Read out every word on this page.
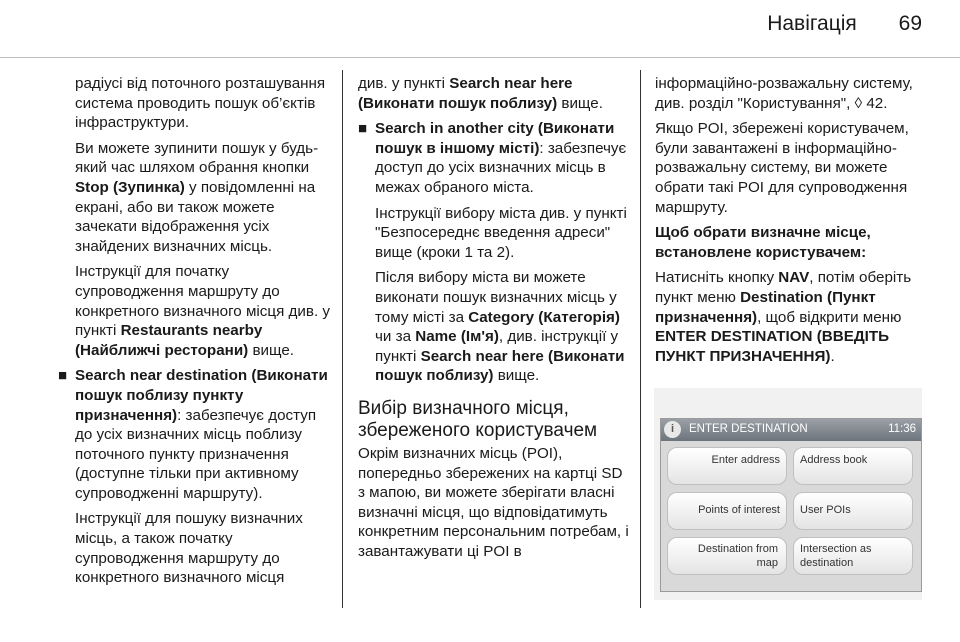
Навігація 69

радіусі від поточного розташування система проводить пошук об’єктів інфраструктури.

Ви можете зупинити пошук у будь-який час шляхом обрання кнопки Stop (Зупинка) у повідомленні на екрані, або ви також можете зачекати відображення усіх знайдених визначних місць.

Інструкції для початку супроводження маршруту до конкретного визначного місця див. у пункті Restaurants nearby (Найближчі ресторани) вище.

■ Search near destination (Виконати пошук поблизу пункту призначення): забезпечує доступ до усіх визначних місць поблизу поточного пункту призначення (доступне тільки при активному супроводженні маршруту).

Інструкції для пошуку визначних місць, а також початку супроводження маршруту до конкретного визначного місця

див. у пункті Search near here (Виконати пошук поблизу) вище.

■ Search in another city (Виконати пошук в іншому місті): забезпечує доступ до усіх визначних місць в межах обраного міста.

Інструкції вибору міста див. у пункті "Безпосереднє введення адреси" вище (кроки 1 та 2).

Після вибору міста ви можете виконати пошук визначних місць у тому місті за Category (Категорія) чи за Name (Ім'я), див. інструкції у пункті Search near here (Виконати пошук поблизу) вище.

Вибір визначного місця, збереженого користувачем

Окрім визначних місць (POI), попередньо збережених на картці SD з мапою, ви можете зберігати власні визначні місця, що відповідатимуть конкретним персональним потребам, і завантажувати ці POI в

інформаційно-розважальну систему, див. розділ "Користування", ◊ 42.

Якщо POI, збережені користувачем, були завантажені в інформаційно-розважальну систему, ви можете обрати такі POI для супроводження маршруту.

Щоб обрати визначне місце, встановлене користувачем:

Натисніть кнопку NAV, потім оберіть пункт меню Destination (Пункт призначення), щоб відкрити меню ENTER DESTINATION (ВВЕДІТЬ ПУНКТ ПРИЗНАЧЕННЯ).

i	ENTER DESTINATION	11:36
Enter address	Address book
Points of interest	User POIs
Destination from map
Intersection as destination
